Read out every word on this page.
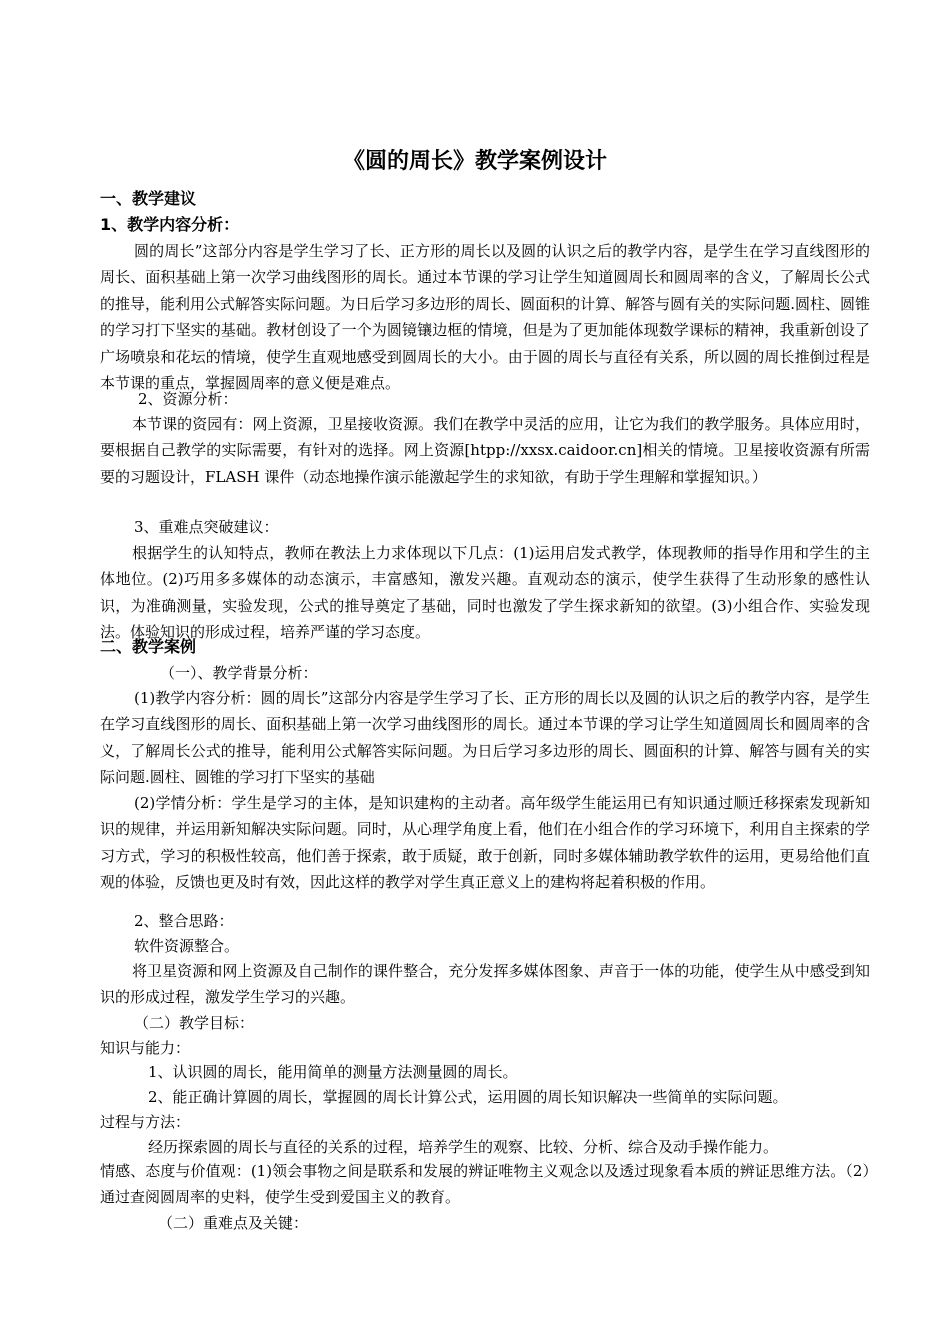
《圆的周长》教学案例设计
一、教学建议
1、教学内容分析：
圆的周长”这部分内容是学生学习了长、正方形的周长以及圆的认识之后的教学内容，是学生在学习直线图形的周长、面积基础上第一次学习曲线图形的周长。通过本节课的学习让学生知道圆周长和圆周率的含义，了解周长公式的推导，能利用公式解答实际问题。为日后学习多边形的周长、圆面积的计算、解答与圆有关的实际问题.圆柱、圆锥的学习打下坚实的基础。教材创设了一个为圆镜镶边框的情境，但是为了更加能体现数学课标的精神，我重新创设了广场喷泉和花坛的情境，使学生直观地感受到圆周长的大小。由于圆的周长与直径有关系，所以圆的周长推倒过程是本节课的重点，掌握圆周率的意义便是难点。
2、资源分析：
本节课的资园有：网上资源，卫星接收资源。我们在教学中灵活的应用，让它为我们的教学服务。具体应用时，要根据自己教学的实际需要，有针对的选择。网上资源[htpp://xxsx.caidoor.cn]相关的情境。卫星接收资源有所需要的习题设计，FLASH 课件（动态地操作演示能激起学生的求知欲，有助于学生理解和掌握知识。）
3、重难点突破建议：
根据学生的认知特点，教师在教法上力求体现以下几点：(1)运用启发式教学，体现教师的指导作用和学生的主体地位。(2)巧用多多媒体的动态演示，丰富感知，激发兴趣。直观动态的演示，使学生获得了生动形象的感性认识，为准确测量，实验发现，公式的推导奠定了基础，同时也激发了学生探求新知的欲望。(3)小组合作、实验发现法。体验知识的形成过程，培养严谨的学习态度。
二、教学案例
（一）、教学背景分析：
(1)教学内容分析：圆的周长”这部分内容是学生学习了长、正方形的周长以及圆的认识之后的教学内容，是学生在学习直线图形的周长、面积基础上第一次学习曲线图形的周长。通过本节课的学习让学生知道圆周长和圆周率的含义，了解周长公式的推导，能利用公式解答实际问题。为日后学习多边形的周长、圆面积的计算、解答与圆有关的实际问题.圆柱、圆锥的学习打下坚实的基础
(2)学情分析：学生是学习的主体，是知识建构的主动者。高年级学生能运用已有知识通过顺迁移探索发现新知识的规律，并运用新知解决实际问题。同时，从心理学角度上看，他们在小组合作的学习环境下，利用自主探索的学习方式，学习的积极性较高，他们善于探索，敢于质疑，敢于创新，同时多媒体辅助教学软件的运用，更易给他们直观的体验，反馈也更及时有效，因此这样的教学对学生真正意义上的建构将起着积极的作用。
2、整合思路：
软件资源整合。
将卫星资源和网上资源及自己制作的课件整合，充分发挥多媒体图象、声音于一体的功能，使学生从中感受到知识的形成过程，激发学生学习的兴趣。
（二）教学目标：
知识与能力：
1、认识圆的周长，能用简单的测量方法测量圆的周长。
2、能正确计算圆的周长，掌握圆的周长计算公式，运用圆的周长知识解决一些简单的实际问题。
过程与方法：
经历探索圆的周长与直径的关系的过程，培养学生的观察、比较、分析、综合及动手操作能力。
情感、态度与价值观：(1)领会事物之间是联系和发展的辨证唯物主义观念以及透过现象看本质的辨证思维方法。（2）通过查阅圆周率的史料，使学生受到爱国主义的教育。
（二）重难点及关键：
